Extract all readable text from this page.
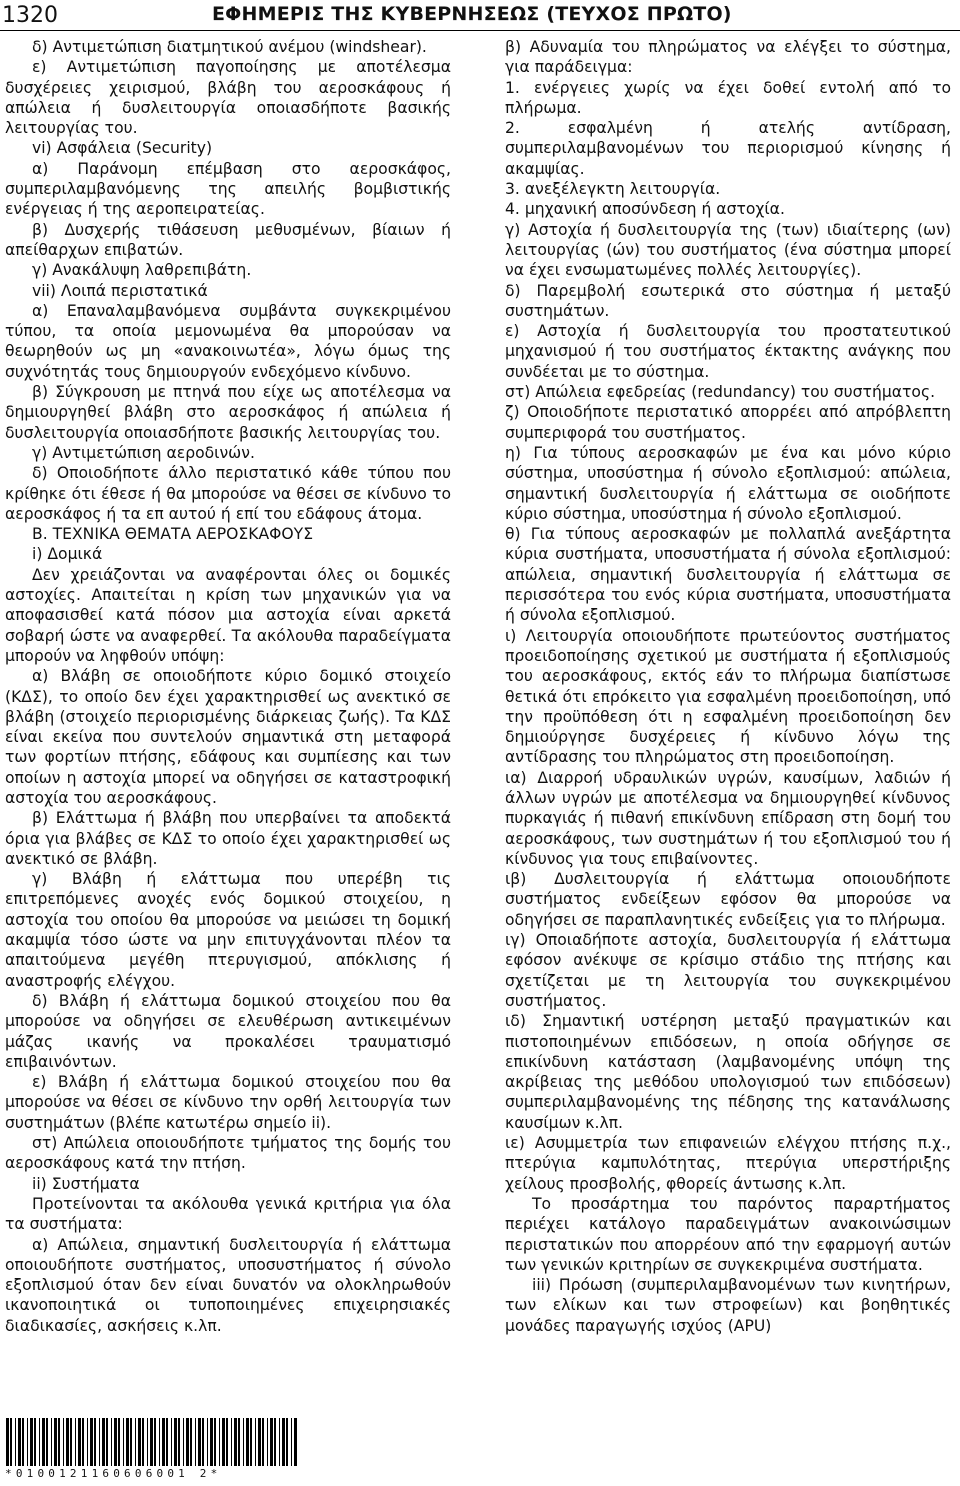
1320	ΕΦΗΜΕΡΙΣ ΤΗΣ ΚΥΒΕΡΝΗΣΕΩΣ (ΤΕΥΧΟΣ ΠΡΩΤΟ)

δ) Αντιμετώπιση διατμητικού ανέμου (windshear).

ε) Αντιμετώπιση παγοποίησης με αποτέλεσμα δυσχέρειες χειρισμού, βλάβη του αεροσκάφους ή απώλεια ή δυσλειτουργία οποιασδήποτε βασικής λειτουργίας του.

vi) Ασφάλεια (Security)

α) Παράνομη επέμβαση στο αεροσκάφος, συμπεριλαμβανόμενης της απειλής βομβιστικής ενέργειας ή της αεροπειρατείας.

β) Δυσχερής τιθάσευση μεθυσμένων, βίαιων ή απείθαρχων επιβατών.

γ) Ανακάλυψη λαθρεπιβάτη.

vii) Λοιπά περιστατικά

α) Επαναλαμβανόμενα συμβάντα συγκεκριμένου τύπου, τα οποία μεμονωμένα θα μπορούσαν να θεωρηθούν ως μη «ανακοινωτέα», λόγω όμως της συχνότητάς τους δημιουργούν ενδεχόμενο κίνδυνο.

β) Σύγκρουση με πτηνά που είχε ως αποτέλεσμα να δημιουργηθεί βλάβη στο αεροσκάφος ή απώλεια ή δυσλειτουργία οποιασδήποτε βασικής λειτουργίας του.

γ) Αντιμετώπιση αεροδινών.

δ) Οποιοδήποτε άλλο περιστατικό κάθε τύπου που κρίθηκε ότι έθεσε ή θα μπορούσε να θέσει σε κίνδυνο το αεροσκάφος ή τα επ αυτού ή επί του εδάφους άτομα.

Β. ΤΕΧΝΙΚΑ ΘΕΜΑΤΑ ΑΕΡΟΣΚΑΦΟΥΣ

i) Δομικά

Δεν χρειάζονται να αναφέρονται όλες οι δομικές αστοχίες. Απαιτείται η κρίση των μηχανικών για να αποφασισθεί κατά πόσον μια αστοχία είναι αρκετά σοβαρή ώστε να αναφερθεί. Τα ακόλουθα παραδείγματα μπορούν να ληφθούν υπόψη:

α) Βλάβη σε οποιοδήποτε κύριο δομικό στοιχείο (ΚΔΣ), το οποίο δεν έχει χαρακτηρισθεί ως ανεκτικό σε βλάβη (στοιχείο περιορισμένης διάρκειας ζωής). Τα ΚΔΣ είναι εκείνα που συντελούν σημαντικά στη μεταφορά των φορτίων πτήσης, εδάφους και συμπίεσης και των οποίων η αστοχία μπορεί να οδηγήσει σε καταστροφική αστοχία του αεροσκάφους.

β) Ελάττωμα ή βλάβη που υπερβαίνει τα αποδεκτά όρια για βλάβες σε ΚΔΣ το οποίο έχει χαρακτηρισθεί ως ανεκτικό σε βλάβη.

γ) Βλάβη ή ελάττωμα που υπερέβη τις επιτρεπόμενες ανοχές ενός δομικού στοιχείου, η αστοχία του οποίου θα μπορούσε να μειώσει τη δομική ακαμψία τόσο ώστε να μην επιτυγχάνονται πλέον τα απαιτούμενα μεγέθη πτερυγισμού, απόκλισης ή αναστροφής ελέγχου.

δ) Βλάβη ή ελάττωμα δομικού στοιχείου που θα μπορούσε να οδηγήσει σε ελευθέρωση αντικειμένων μάζας ικανής να προκαλέσει τραυματισμό επιβαινόντων.

ε) Βλάβη ή ελάττωμα δομικού στοιχείου που θα μπορούσε να θέσει σε κίνδυνο την ορθή λειτουργία των συστημάτων (βλέπε κατωτέρω σημείο ii).

στ) Απώλεια οποιουδήποτε τμήματος της δομής του αεροσκάφους κατά την πτήση.

ii) Συστήματα

Προτείνονται τα ακόλουθα γενικά κριτήρια για όλα τα συστήματα:

α) Απώλεια, σημαντική δυσλειτουργία ή ελάττωμα οποιουδήποτε συστήματος, υποσυστήματος ή σύνολο εξοπλισμού όταν δεν είναι δυνατόν να ολοκληρωθούν ικανοποιητικά οι τυποποιημένες επιχειρησιακές διαδικασίες, ασκήσεις κ.λπ.

β) Αδυναμία του πληρώματος να ελέγξει το σύστημα, για παράδειγμα:

1. ενέργειες χωρίς να έχει δοθεί εντολή από το πλήρωμα.

2. εσφαλμένη ή ατελής αντίδραση, συμπεριλαμβανομένων του περιορισμού κίνησης ή ακαμψίας.

3. ανεξέλεγκτη λειτουργία.

4. μηχανική αποσύνδεση ή αστοχία.

γ) Αστοχία ή δυσλειτουργία της (των) ιδιαίτερης (ων) λειτουργίας (ών) του συστήματος (ένα σύστημα μπορεί να έχει ενσωματωμένες πολλές λειτουργίες).

δ) Παρεμβολή εσωτερικά στο σύστημα ή μεταξύ συστημάτων.

ε) Αστοχία ή δυσλειτουργία του προστατευτικού μηχανισμού ή του συστήματος έκτακτης ανάγκης που συνδέεται με το σύστημα.

στ) Απώλεια εφεδρείας (redundancy) του συστήματος.

ζ) Οποιοδήποτε περιστατικό απορρέει από απρόβλεπτη συμπεριφορά του συστήματος.

η) Για τύπους αεροσκαφών με ένα και μόνο κύριο σύστημα, υποσύστημα ή σύνολο εξοπλισμού: απώλεια, σημαντική δυσλειτουργία ή ελάττωμα σε οιοδήποτε κύριο σύστημα, υποσύστημα ή σύνολο εξοπλισμού.

θ) Για τύπους αεροσκαφών με πολλαπλά ανεξάρτητα κύρια συστήματα, υποσυστήματα ή σύνολα εξοπλισμού: απώλεια, σημαντική δυσλειτουργία ή ελάττωμα σε περισσότερα του ενός κύρια συστήματα, υποσυστήματα ή σύνολα εξοπλισμού.

ι) Λειτουργία οποιουδήποτε πρωτεύοντος συστήματος προειδοποίησης σχετικού με συστήματα ή εξοπλισμούς του αεροσκάφους, εκτός εάν το πλήρωμα διαπίστωσε θετικά ότι επρόκειτο για εσφαλμένη προειδοποίηση, υπό την προϋπόθεση ότι η εσφαλμένη προειδοποίηση δεν δημιούργησε δυσχέρειες ή κίνδυνο λόγω της αντίδρασης του πληρώματος στη προειδοποίηση.

ια) Διαρροή υδραυλικών υγρών, καυσίμων, λαδιών ή άλλων υγρών με αποτέλεσμα να δημιουργηθεί κίνδυνος πυρκαγιάς ή πιθανή επικίνδυνη επίδραση στη δομή του αεροσκάφους, των συστημάτων ή του εξοπλισμού του ή κίνδυνος για τους επιβαίνοντες.

ιβ) Δυσλειτουργία ή ελάττωμα οποιουδήποτε συστήματος ενδείξεων εφόσον θα μπορούσε να οδηγήσει σε παραπλανητικές ενδείξεις για το πλήρωμα.

ιγ) Οποιαδήποτε αστοχία, δυσλειτουργία ή ελάττωμα εφόσον ανέκυψε σε κρίσιμο στάδιο της πτήσης και σχετίζεται με τη λειτουργία του συγκεκριμένου συστήματος.

ιδ) Σημαντική υστέρηση μεταξύ πραγματικών και πιστοποιημένων επιδόσεων, η οποία οδήγησε σε επικίνδυνη κατάσταση (λαμβανομένης υπόψη της ακρίβειας της μεθόδου υπολογισμού των επιδόσεων) συμπεριλαμβανομένης της πέδησης της κατανάλωσης καυσίμων κ.λπ.

ιε) Ασυμμετρία των επιφανειών ελέγχου πτήσης π.χ., πτερύγια καμπυλότητας, πτερύγια υπερστήριξης χείλους προσβολής, φθορείς άντωσης κ.λπ.

Το προσάρτημα του παρόντος παραρτήματος περιέχει κατάλογο παραδειγμάτων ανακοινώσιμων περιστατικών που απορρέουν από την εφαρμογή αυτών των γενικών κριτηρίων σε συγκεκριμένα συστήματα.

iii) Πρόωση (συμπεριλαμβανομένων των κινητήρων, των ελίκων και των στροφείων) και βοηθητικές μονάδες παραγωγής ισχύος (APU)

*0100121160606001 2*
